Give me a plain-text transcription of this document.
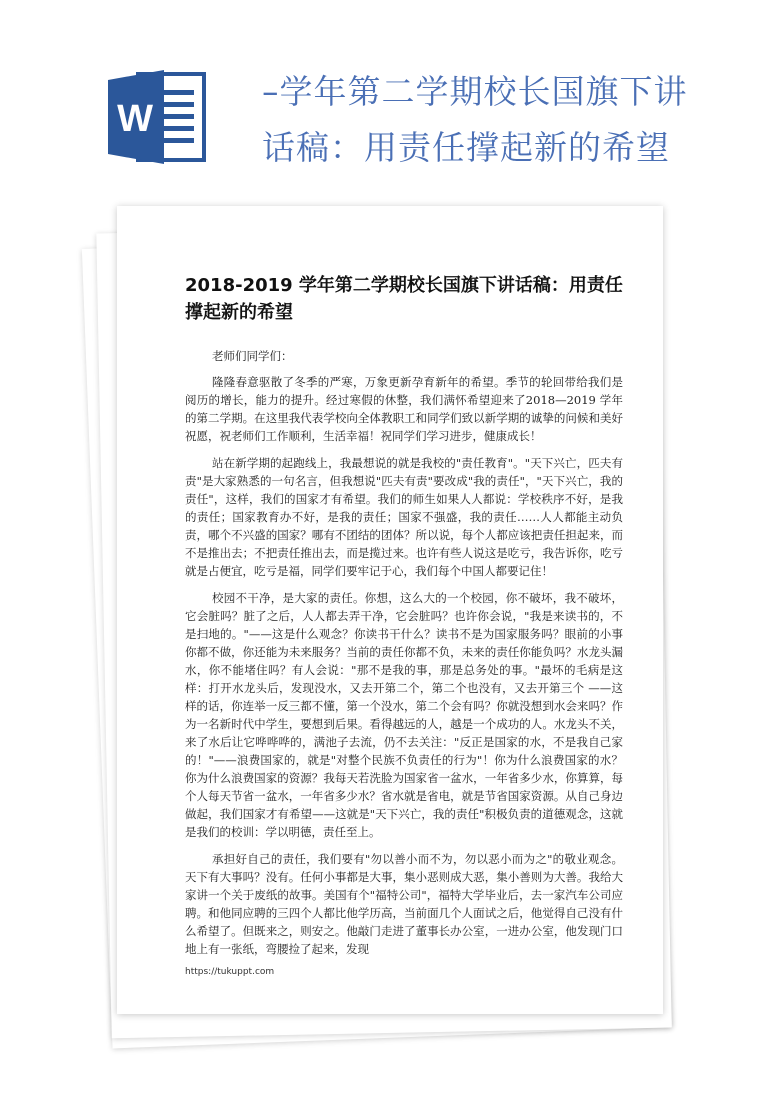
W
–学年第二学期校长国旗下讲
话稿：用责任撑起新的希望
2018-2019 学年第二学期校长国旗下讲话稿：用责任撑起新的希望
老师们同学们：

隆隆春意驱散了冬季的严寒，万象更新孕育新年的希望。季节的轮回带给我们是阅历的增长，能力的提升。经过寒假的休整，我们满怀希望迎来了2018—2019 学年的第二学期。在这里我代表学校向全体教职工和同学们致以新学期的诚挚的问候和美好祝愿，祝老师们工作顺利，生活幸福！祝同学们学习进步，健康成长！

站在新学期的起跑线上，我最想说的就是我校的"责任教育"。"天下兴亡，匹夫有责"是大家熟悉的一句名言，但我想说"匹夫有责"要改成"我的责任"，"天下兴亡，我的责任"，这样，我们的国家才有希望。我们的师生如果人人都说：学校秩序不好，是我的责任；国家教育办不好，是我的责任；国家不强盛，我的责任……人人都能主动负责，哪个不兴盛的国家？哪有不团结的团体？所以说，每个人都应该把责任担起来，而不是推出去；不把责任推出去，而是揽过来。也许有些人说这是吃亏，我告诉你，吃亏就是占便宜，吃亏是福，同学们要牢记于心，我们每个中国人都要记住！

校园不干净，是大家的责任。你想，这么大的一个校园，你不破坏，我不破坏，它会脏吗？脏了之后，人人都去弄干净，它会脏吗？也许你会说，"我是来读书的，不是扫地的。"——这是什么观念？你读书干什么？读书不是为国家服务吗？眼前的小事你都不做，你还能为未来服务？当前的责任你都不负，未来的责任你能负吗？水龙头漏水，你不能堵住吗？有人会说："那不是我的事，那是总务处的事。"最坏的毛病是这样：打开水龙头后，发现没水，又去开第二个，第二个也没有，又去开第三个 ——这样的话，你连举一反三都不懂，第一个没水，第二个会有吗？你就没想到水会来吗？作为一名新时代中学生，要想到后果。看得越远的人，越是一个成功的人。水龙头不关，来了水后让它哗哗哗的，满池子去流，仍不去关注："反正是国家的水，不是我自己家的！"——浪费国家的，就是"对整个民族不负责任的行为"！你为什么浪费国家的水？你为什么浪费国家的资源？我每天若洗脸为国家省一盆水，一年省多少水，你算算，每个人每天节省一盆水，一年省多少水？省水就是省电，就是节省国家资源。从自己身边做起，我们国家才有希望——这就是"天下兴亡，我的责任"积极负责的道德观念，这就是我们的校训：学以明德，责任至上。

承担好自己的责任，我们要有"勿以善小而不为，勿以恶小而为之"的敬业观念。天下有大事吗？没有。任何小事都是大事，集小恶则成大恶，集小善则为大善。我给大家讲一个关于废纸的故事。美国有个"福特公司"，福特大学毕业后，去一家汽车公司应聘。和他同应聘的三四个人都比他学历高，当前面几个人面试之后，他觉得自己没有什么希望了。但既来之，则安之。他敲门走进了董事长办公室，一进办公室，他发现门口地上有一张纸，弯腰捡了起来，发现

https://tukuppt.com
